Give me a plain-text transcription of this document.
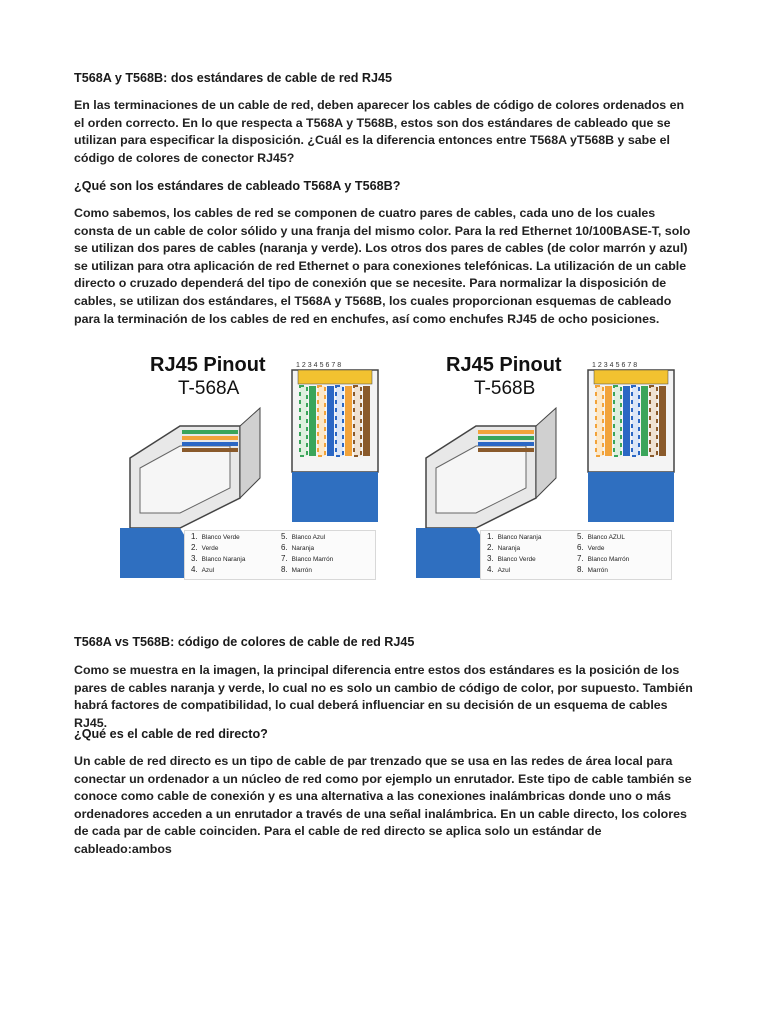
T568A y T568B: dos estándares de cable de red RJ45

En las terminaciones de un cable de red, deben aparecer los cables de código de colores ordenados en el orden correcto. En lo que respecta a T568A y T568B, estos son dos estándares de cableado que se utilizan para especificar la disposición. ¿Cuál es la diferencia entonces entre T568A yT568B y sabe el código de colores de conector RJ45?

¿Qué son los estándares de cableado T568A y T568B?

Como sabemos, los cables de red se componen de cuatro pares de cables, cada uno de los cuales consta de un cable de color sólido y una franja del mismo color. Para la red Ethernet 10/100BASE-T, solo se utilizan dos pares de cables (naranja y verde). Los otros dos pares de cables (de color marrón y azul) se utilizan para otra aplicación de red Ethernet o para conexiones telefónicas. La utilización de un cable directo o cruzado dependerá del tipo de conexión que se necesite. Para normalizar la disposición de cables, se utilizan dos estándares, el T568A y T568B, los cuales proporcionan esquemas de cableado para la terminación de los cables de red en enchufes, así como enchufes RJ45 de ocho posiciones.

RJ45 Pinout
T-568A
12345678
1. Blanco Verde
2. Verde
3. Blanco Naranja
4. Azul
5. Blanco Azul
6. Naranja
7. Blanco Marrón
8. Marrón
RJ45 Pinout
T-568B
12345678
1. Blanco Naranja
2. Naranja
3. Blanco Verde
4. Azul
5. Blanco AZUL
6. Verde
7. Blanco Marrón
8. Marrón
T568A vs T568B: código de colores de cable de red RJ45

Como se muestra en la imagen, la principal diferencia entre estos dos estándares es la posición de los pares de cables naranja y verde, lo cual no es solo un cambio de código de color, por supuesto. También habrá factores de compatibilidad, lo cual deberá influenciar en su decisión de un esquema de cables RJ45.

¿Qué es el cable de red directo?

Un cable de red directo es un tipo de cable de par trenzado que se usa en las redes de área local para conectar un ordenador a un núcleo de red como por ejemplo un enrutador. Este tipo de cable también se conoce como cable de conexión y es una alternativa a las conexiones inalámbricas donde uno o más ordenadores acceden a un enrutador a través de una señal inalámbrica. En un cable directo, los colores de cada par de cable coinciden. Para el cable de red directo se aplica solo un estándar de cableado:ambos
